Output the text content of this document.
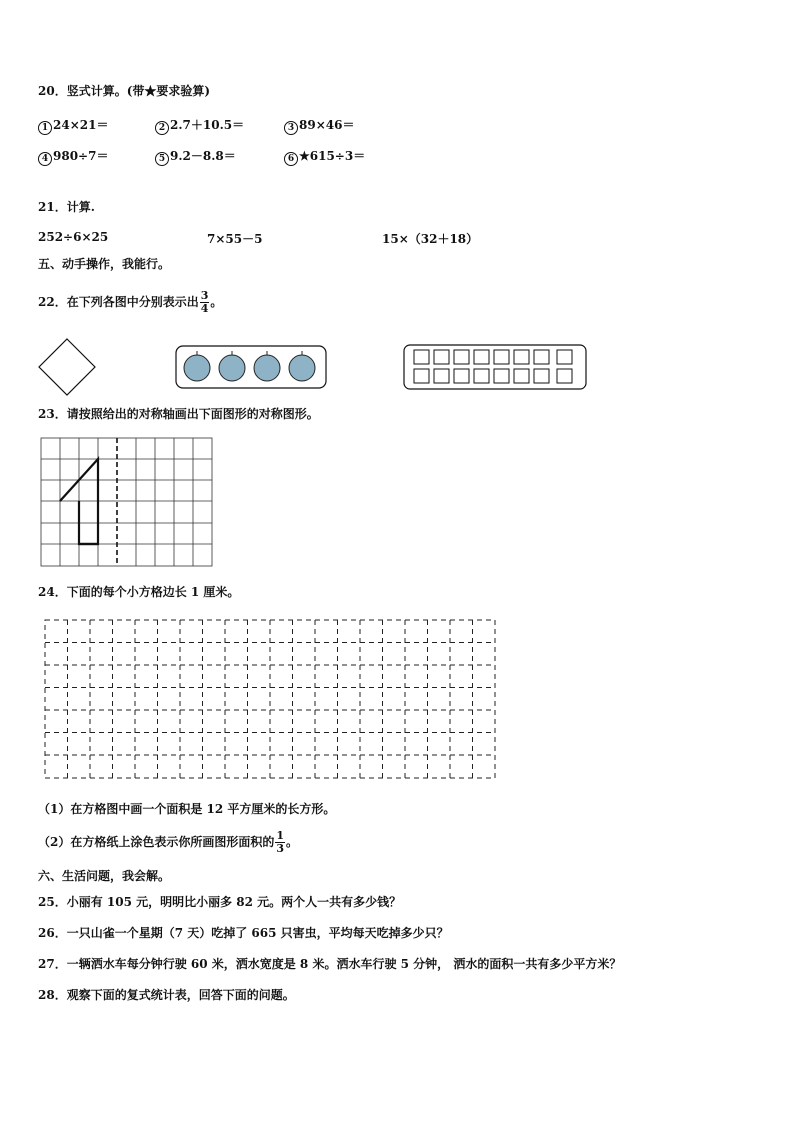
20．竖式计算。(带★要求验算)
1 24×21＝	2 2.7＋10.5＝	3 89×46＝
4 980÷7＝	5 9.2－8.8＝	6 ★615÷3＝
21．计算.
252÷6×25	7×55－5	15×（32＋18）
五、动手操作，我能行。
22．在下列各图中分别表示出 $\frac{3}{4}$ 。
23．请按照给出的对称轴画出下面图形的对称图形。
24．下面的每个小方格边长 1 厘米。
（1）在方格图中画一个面积是 12 平方厘米的长方形。
（2）在方格纸上涂色表示你所画图形面积的 $\frac{1}{3}$ 。
六、生活问题，我会解。
25．小丽有 105 元，明明比小丽多 82 元。两个人一共有多少钱？
26．一只山雀一个星期（7 天）吃掉了 665 只害虫，平均每天吃掉多少只？
27．一辆洒水车每分钟行驶 60 米，洒水宽度是 8 米。洒水车行驶 5 分钟， 洒水的面积一共有多少平方米？
28．观察下面的复式统计表，回答下面的问题。
